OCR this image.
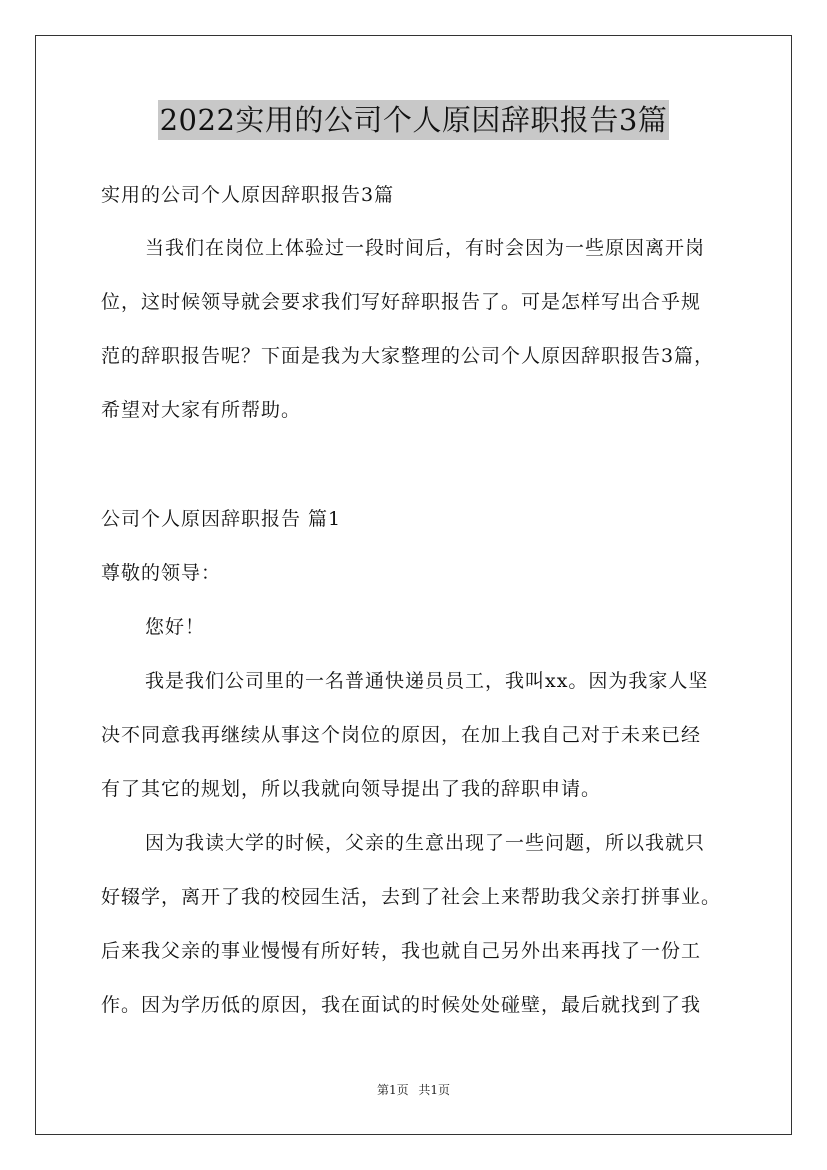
2022实用的公司个人原因辞职报告3篇
实用的公司个人原因辞职报告3篇
当我们在岗位上体验过一段时间后，有时会因为一些原因离开岗
位，这时候领导就会要求我们写好辞职报告了。可是怎样写出合乎规
范的辞职报告呢？下面是我为大家整理的公司个人原因辞职报告3篇，
希望对大家有所帮助。
公司个人原因辞职报告 篇1
尊敬的领导：
您好！
我是我们公司里的一名普通快递员员工，我叫xx。因为我家人坚
决不同意我再继续从事这个岗位的原因，在加上我自己对于未来已经
有了其它的规划，所以我就向领导提出了我的辞职申请。
因为我读大学的时候，父亲的生意出现了一些问题，所以我就只
好辍学，离开了我的校园生活，去到了社会上来帮助我父亲打拼事业。
后来我父亲的事业慢慢有所好转，我也就自己另外出来再找了一份工
作。因为学历低的原因，我在面试的时候处处碰壁，最后就找到了我
第1页 共1页
